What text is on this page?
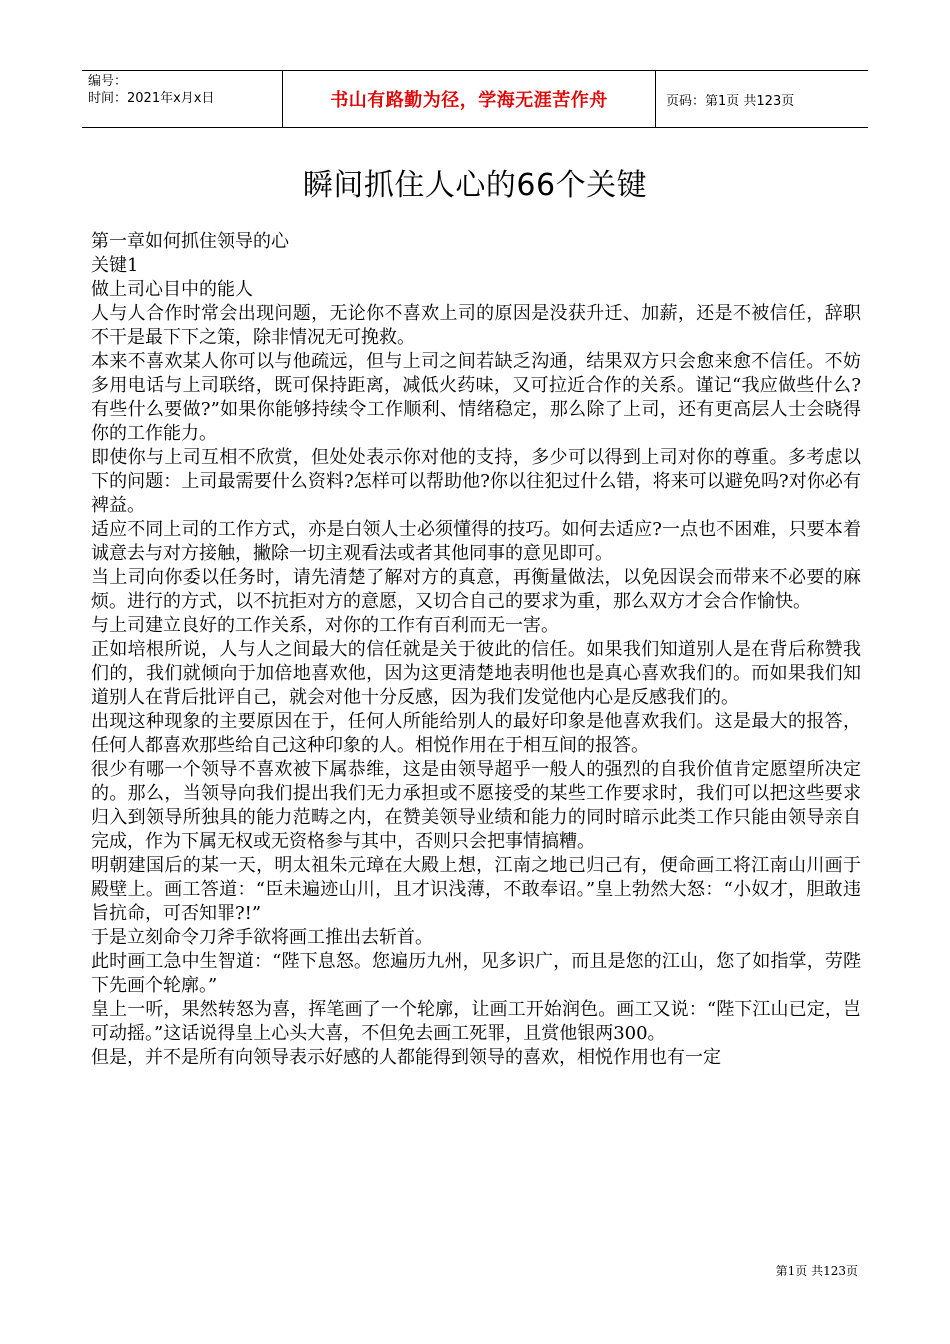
编号：
时间：2021年x月x日	书山有路勤为径，学海无涯苦作舟	页码：第1页 共123页
瞬间抓住人心的66个关键

第一章如何抓住领导的心

关键1

做上司心目中的能人

人与人合作时常会出现问题，无论你不喜欢上司的原因是没获升迁、加薪，还是不被信任，辞职不干是最下下之策，除非情况无可挽救。

本来不喜欢某人你可以与他疏远，但与上司之间若缺乏沟通，结果双方只会愈来愈不信任。不妨多用电话与上司联络，既可保持距离，减低火药味，又可拉近合作的关系。谨记“我应做些什么?有些什么要做?”如果你能够持续令工作顺利、情绪稳定，那么除了上司，还有更高层人士会晓得你的工作能力。

即使你与上司互相不欣赏，但处处表示你对他的支持，多少可以得到上司对你的尊重。多考虑以下的问题：上司最需要什么资料?怎样可以帮助他?你以往犯过什么错，将来可以避免吗?对你必有裨益。

适应不同上司的工作方式，亦是白领人士必须懂得的技巧。如何去适应?一点也不困难，只要本着诚意去与对方接触，撇除一切主观看法或者其他同事的意见即可。

当上司向你委以任务时，请先清楚了解对方的真意，再衡量做法，以免因误会而带来不必要的麻烦。进行的方式，以不抗拒对方的意愿，又切合自己的要求为重，那么双方才会合作愉快。

与上司建立良好的工作关系，对你的工作有百利而无一害。

正如培根所说，人与人之间最大的信任就是关于彼此的信任。如果我们知道别人是在背后称赞我们的，我们就倾向于加倍地喜欢他，因为这更清楚地表明他也是真心喜欢我们的。而如果我们知道别人在背后批评自己，就会对他十分反感，因为我们发觉他内心是反感我们的。

出现这种现象的主要原因在于，任何人所能给别人的最好印象是他喜欢我们。这是最大的报答，任何人都喜欢那些给自己这种印象的人。相悦作用在于相互间的报答。

很少有哪一个领导不喜欢被下属恭维，这是由领导超乎一般人的强烈的自我价值肯定愿望所决定的。那么，当领导向我们提出我们无力承担或不愿接受的某些工作要求时，我们可以把这些要求归入到领导所独具的能力范畴之内，在赞美领导业绩和能力的同时暗示此类工作只能由领导亲自完成，作为下属无权或无资格参与其中，否则只会把事情搞糟。

明朝建国后的某一天，明太祖朱元璋在大殿上想，江南之地已归己有，便命画工将江南山川画于殿壁上。画工答道：“臣未遍迹山川，且才识浅薄，不敢奉诏。”皇上勃然大怒：“小奴才，胆敢违旨抗命，可否知罪?!”

于是立刻命令刀斧手欲将画工推出去斩首。

此时画工急中生智道：“陛下息怒。您遍历九州，见多识广，而且是您的江山，您了如指掌，劳陛下先画个轮廓。”

皇上一听，果然转怒为喜，挥笔画了一个轮廓，让画工开始润色。画工又说：“陛下江山已定，岂可动摇。”这话说得皇上心头大喜，不但免去画工死罪，且赏他银两300。

但是，并不是所有向领导表示好感的人都能得到领导的喜欢，相悦作用也有一定

第1页 共123页
